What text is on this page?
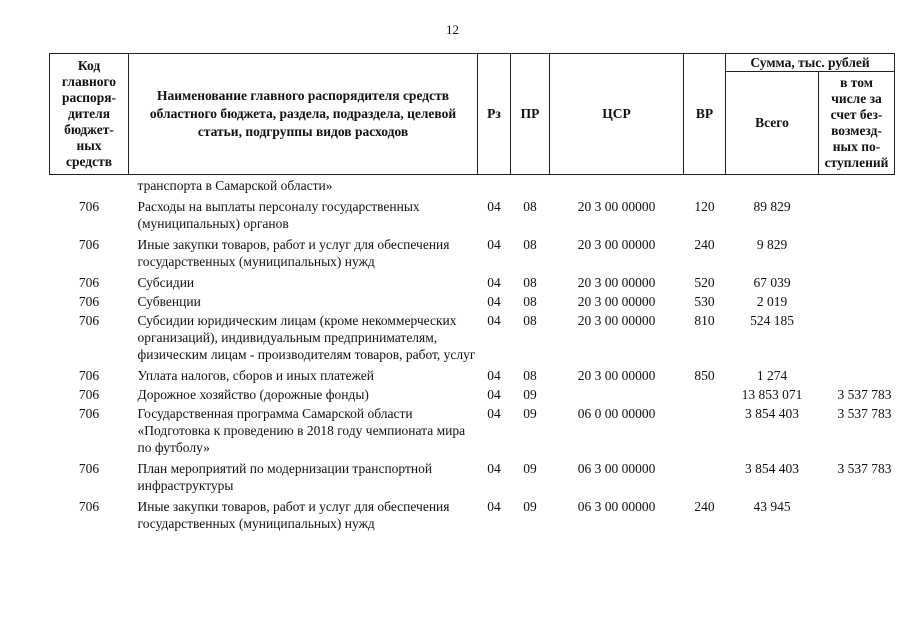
12
Код главного распоря-дителя бюджет-ных средств	Наименование главного распорядителя средств областного бюджета, раздела, подраздела, целевой статьи, подгруппы видов расходов	Рз	ПР	ЦСР	ВР	Сумма, тыс. рублей	
						Всего	в том числе за счет без-возмезд-ных по-ступлений
	транспорта в Самарской области»						
706	Расходы на выплаты персоналу государственных (муниципальных) органов	04	08	20 3 00 00000	120	89 829	
706	Иные закупки товаров, работ и услуг для обеспечения государственных (муниципальных) нужд	04	08	20 3 00 00000	240	9 829	
706	Субсидии	04	08	20 3 00 00000	520	67 039	
706	Субвенции	04	08	20 3 00 00000	530	2 019	
706	Субсидии юридическим лицам (кроме некоммерческих организаций), индивидуальным предпринимателям, физическим лицам - производителям товаров, работ, услуг	04	08	20 3 00 00000	810	524 185	
706	Уплата налогов, сборов и иных платежей	04	08	20 3 00 00000	850	1 274	
706	Дорожное хозяйство (дорожные фонды)	04	09			13 853 071	3 537 783
706	Государственная программа Самарской области «Подготовка к проведению в 2018 году чемпионата мира по футболу»	04	09	06 0 00 00000		3 854 403	3 537 783
706	План мероприятий по модернизации транспортной инфраструктуры	04	09	06 3 00 00000		3 854 403	3 537 783
706	Иные закупки товаров, работ и услуг для обеспечения государственных (муниципальных) нужд	04	09	06 3 00 00000	240	43 945	
